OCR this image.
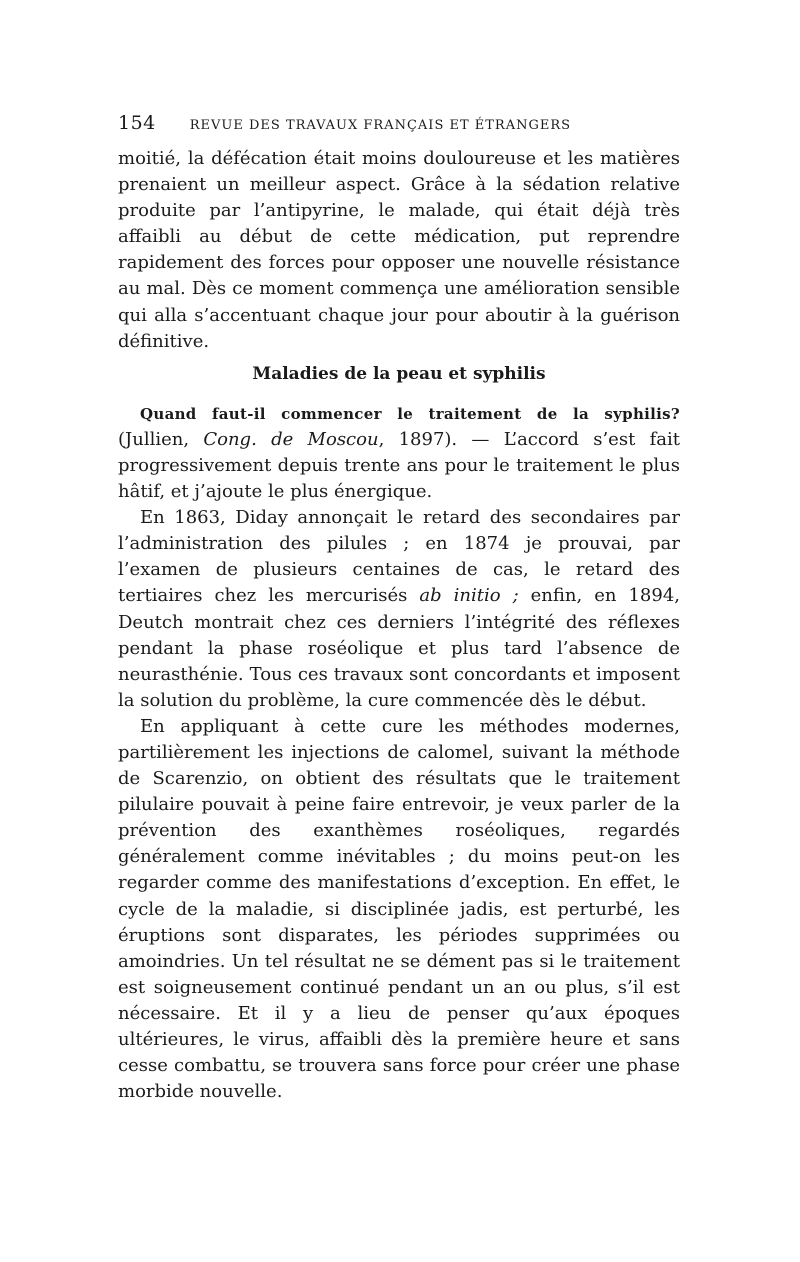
154	REVUE DES TRAVAUX FRANÇAIS ET ÉTRANGERS

moitié, la défécation était moins douloureuse et les matières prenaient un meilleur aspect. Grâce à la sédation relative produite par l’antipyrine, le malade, qui était déjà très affaibli au début de cette médication, put reprendre rapidement des forces pour opposer une nouvelle résistance au mal. Dès ce moment commença une amélioration sensible qui alla s’accentuant chaque jour pour aboutir à la guérison définitive.

Maladies de la peau et syphilis

Quand faut-il commencer le traitement de la syphilis? (Jullien, Cong. de Moscou, 1897). — L’accord s’est fait progressivement depuis trente ans pour le traitement le plus hâtif, et j’ajoute le plus énergique.

En 1863, Diday annonçait le retard des secondaires par l’administration des pilules ; en 1874 je prouvai, par l’examen de plusieurs centaines de cas, le retard des tertiaires chez les mercurisés ab initio ; enfin, en 1894, Deutch montrait chez ces derniers l’intégrité des réflexes pendant la phase roséolique et plus tard l’absence de neurasthénie. Tous ces travaux sont concordants et imposent la solution du problème, la cure commencée dès le début.

En appliquant à cette cure les méthodes modernes, partilièrement les injections de calomel, suivant la méthode de Scarenzio, on obtient des résultats que le traitement pilulaire pouvait à peine faire entrevoir, je veux parler de la prévention des exanthèmes roséoliques, regardés généralement comme inévitables ; du moins peut-on les regarder comme des manifestations d’exception. En effet, le cycle de la maladie, si disciplinée jadis, est perturbé, les éruptions sont disparates, les périodes supprimées ou amoindries. Un tel résultat ne se dément pas si le traitement est soigneusement continué pendant un an ou plus, s’il est nécessaire. Et il y a lieu de penser qu’aux époques ultérieures, le virus, affaibli dès la première heure et sans cesse combattu, se trouvera sans force pour créer une phase morbide nouvelle.
